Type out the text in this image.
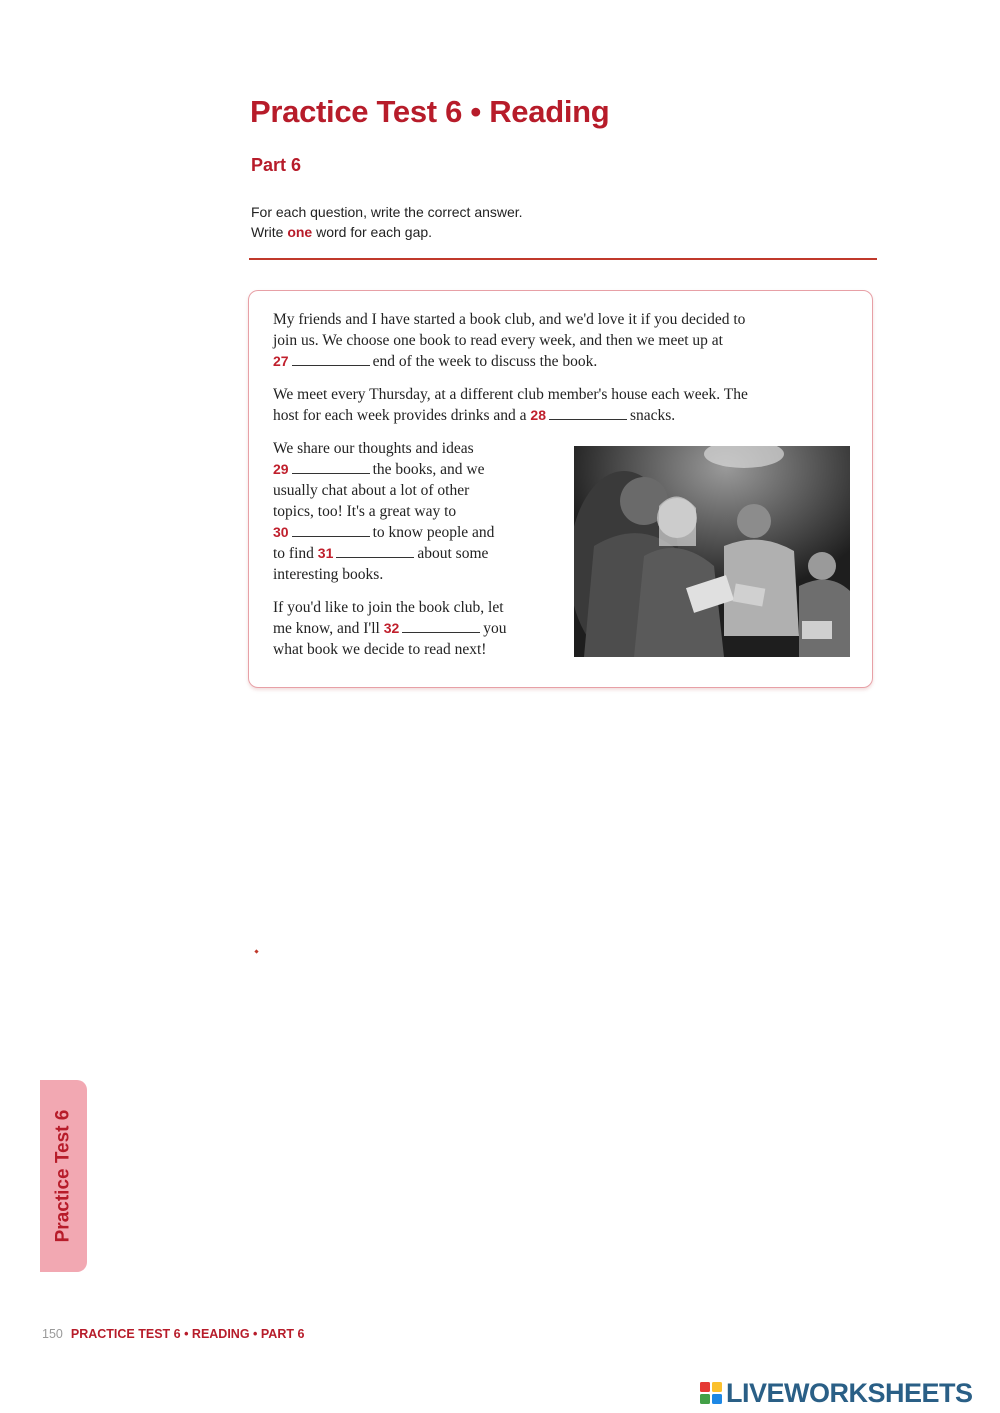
Practice Test 6 • Reading
Part 6
For each question, write the correct answer.
Write one word for each gap.
My friends and I have started a book club, and we'd love it if you decided to
join us. We choose one book to read every week, and then we meet up at
27	end of the week to discuss the book.
We meet every Thursday, at a different club member's house each week. The
host for each week provides drinks and a 28	snacks.
We share our thoughts and ideas
29	the books, and we
usually chat about a lot of other
topics, too! It's a great way to
30	to know people and
to find 31	about some
interesting books.
If you'd like to join the book club, let
me know, and I'll 32	you
what book we decide to read next!
Practice Test 6
150 PRACTICE TEST 6 • READING • PART 6
LIVEWORKSHEETS
